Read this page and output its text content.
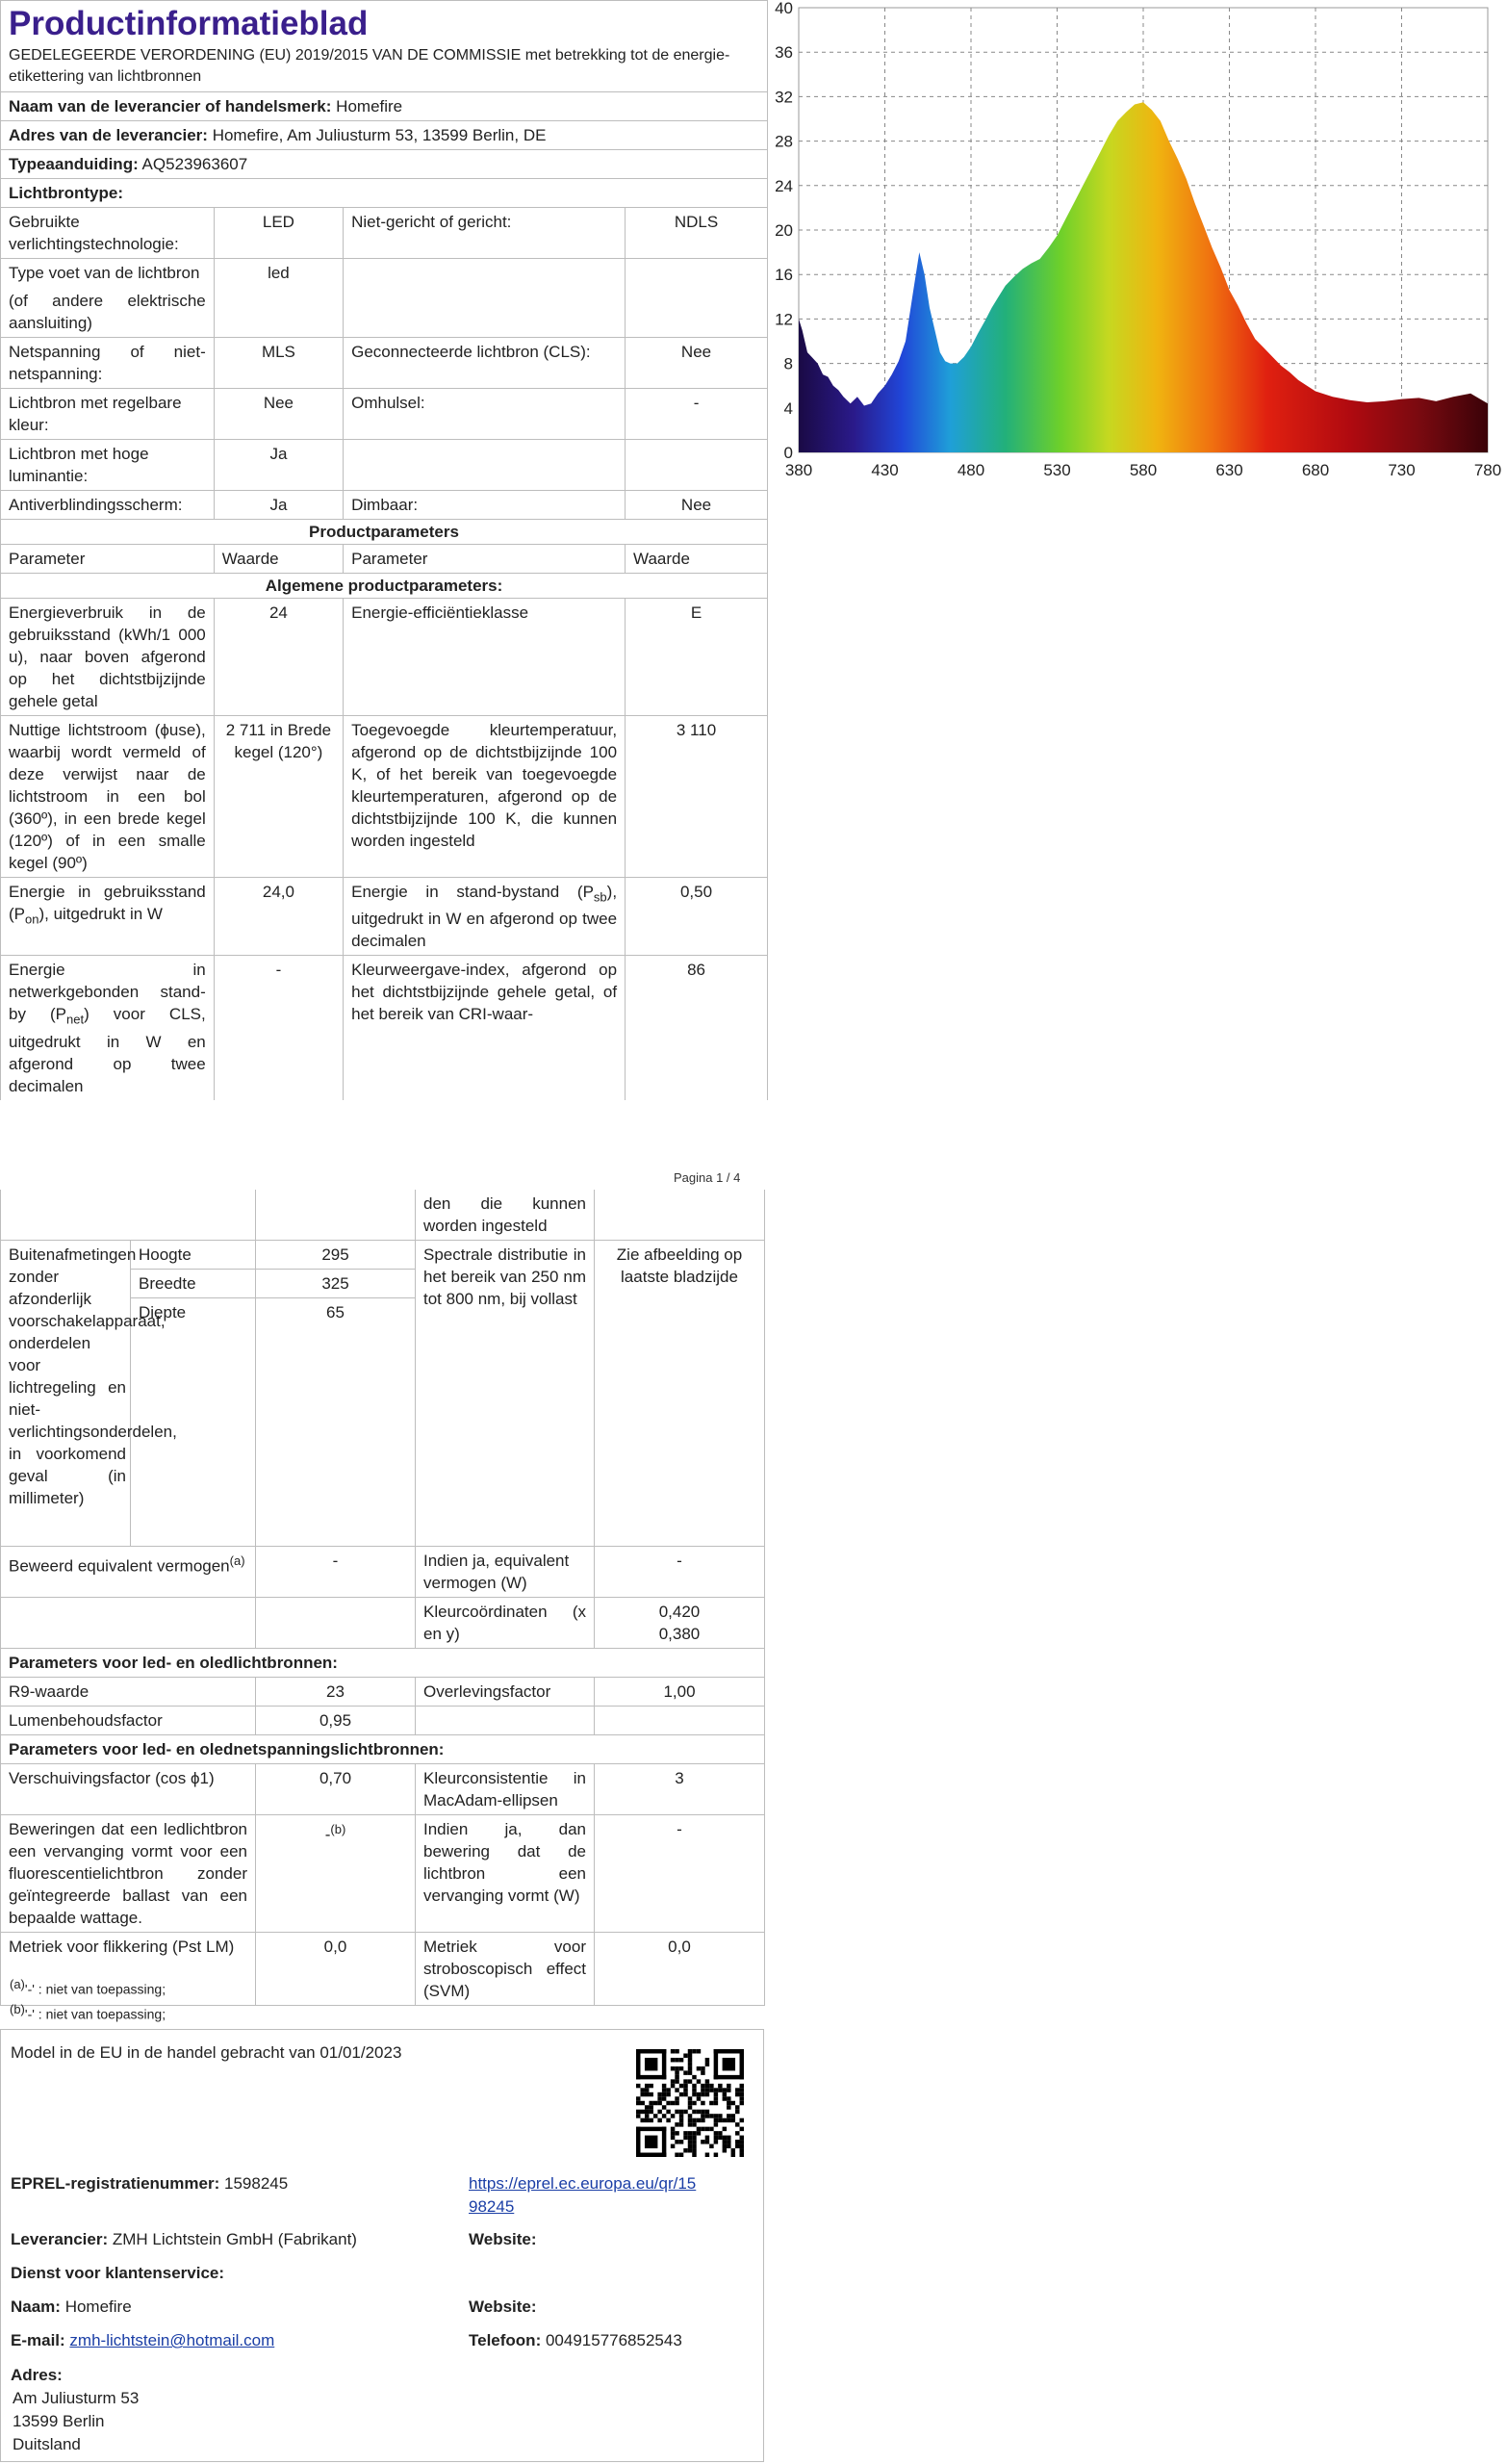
Productinformatieblad
GEDELEGEERDE VERORDENING (EU) 2019/2015 VAN DE COMMISSIE met betrekking tot de energie-etikettering van lichtbronnen			

Naam van de leverancier of handelsmerk: Homefire			
Adres van de leverancier: Homefire, Am Juliusturm 53, 13599 Berlin, DE			
Typeaanduiding: AQ523963607			
Lichtbrontype:			
Gebruikte verlichtingstechnologie:	LED	Niet-gericht of gericht:	NDLS

Type voet van de lichtbron
(of andere elektrische aansluiting)	led		
Netspanning of niet-netspanning:	MLS	Geconnecteerde lichtbron (CLS):	Nee
Lichtbron met regelbare kleur:	Nee	Omhulsel:	-
Lichtbron met hoge luminantie:	Ja		
Antiverblindingsscherm:	Ja	Dimbaar:	Nee
Productparameters			
Parameter	Waarde	Parameter	Waarde
Algemene productparameters:			
Energieverbruik in de gebruiksstand (kWh/1 000 u), naar boven afgerond op het dichtstbijzijnde gehele getal	24	Energie-efficiëntieklasse	E
Nuttige lichtstroom (ϕuse), waarbij wordt vermeld of deze verwijst naar de lichtstroom in een bol (360º), in een brede kegel (120º) of in een smalle kegel (90º)	2 711 in Brede kegel (120°)	Toegevoegde kleurtemperatuur, afgerond op de dichtstbijzijnde 100 K, of het bereik van toegevoegde kleurtemperaturen, afgerond op de dichtstbijzijnde 100 K, die kunnen worden ingesteld	3 110
Energie in gebruiksstand $(P_{on})$, uitgedrukt in W	24,0	Energie in stand-bystand $(P_{sb})$, uitgedrukt in W en afgerond op twee decimalen	0,50
Energie in netwerkgebonden stand-by $(P_{net})$ voor CLS, uitgedrukt in W en afgerond op twee decimalen	-	Kleurweergave-index, afgerond op het dichtstbijzijnde gehele getal, of het bereik van CRI-waar-	86
Pagina 1 / 4
			den die kunnen worden ingesteld	
Buitenafmetingen zonder afzonderlijk voorschakelapparaat, onderdelen voor lichtregeling en niet-verlichtingsonderdelen, in voorkomend geval (in millimeter)	Hoogte	295	Spectrale distributie in het bereik van 250 nm tot 800 nm, bij vollast	Zie afbeelding op laatste bladzijde
	Breedte	325		
	Diepte	65		
Beweerd equivalent vermogen$^{(a)}$		-	Indien ja, equivalent vermogen (W)	-
			Kleurcoördinaten (x en y)	0,420
0,380

Parameters voor led- en oledlichtbronnen:				
R9-waarde		23	Overlevingsfactor	1,00
Lumenbehoudsfactor		0,95		
Parameters voor led- en olednetspanningslichtbronnen:				
Verschuivingsfactor (cos ϕ1)		0,70	Kleurconsistentie in MacAdam-ellipsen	3
Beweringen dat een ledlichtbron een vervanging vormt voor een fluorescentielichtbron zonder geïntegreerde ballast van een bepaalde wattage.		-$^{(b)}$	Indien ja, dan bewering dat de lichtbron een vervanging vormt (W)	-
Metriek voor flikkering (Pst LM)		0,0	Metriek voor stroboscopisch effect (SVM)	0,0
$^{(a)}$'-' : niet van toepassing;
$^{(b)}$'-' : niet van toepassing;
Model in de EU in de handel gebracht van 01/01/2023
EPREL-registratienummer: 1598245	https://eprel.ec.europa.eu/qr/15
98245
Leverancier: ZMH Lichtstein GmbH (Fabrikant)	Website:
Dienst voor klantenservice:
Naam: Homefire	Website:
E-mail: zmh-lichtstein@hotmail.com	Telefoon: 004915776852543
Adres:
Am Juliusturm 53
13599 Berlin
Duitsland
380	430	480	530	580	630	680	730	780
0
4
8
12
16
20
24
28
32
36
40
